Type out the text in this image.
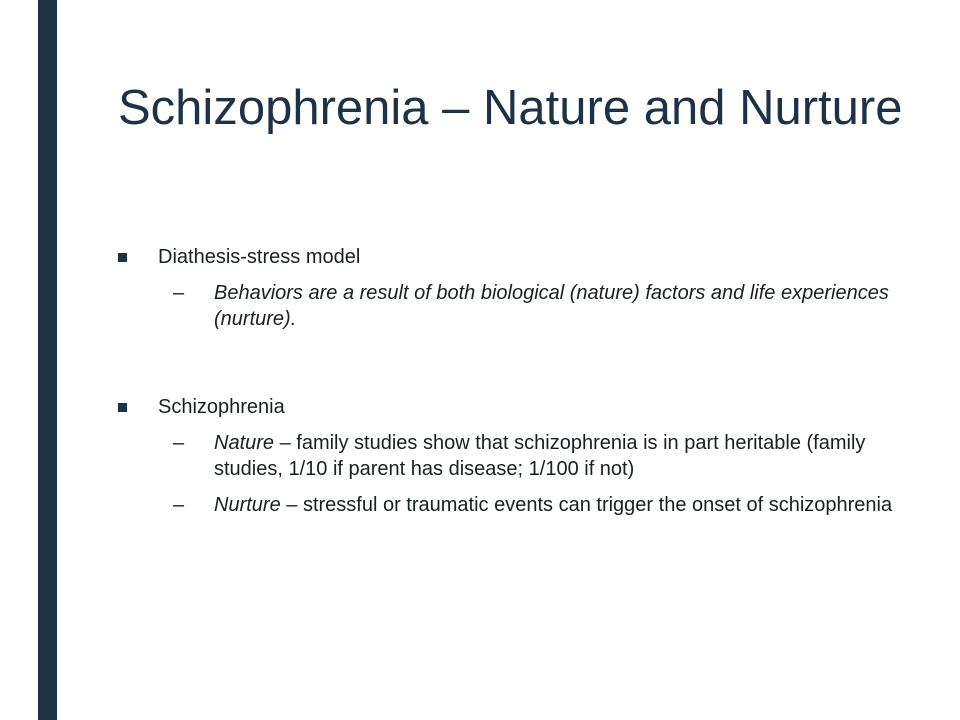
Schizophrenia – Nature and Nurture
Diathesis-stress model
–	Behaviors are a result of both biological (nature) factors and life experiences (nurture).
Schizophrenia
–	Nature – family studies show that schizophrenia is in part heritable (family studies, 1/10 if parent has disease; 1/100 if not)
–	Nurture – stressful or traumatic events can trigger the onset of schizophrenia
